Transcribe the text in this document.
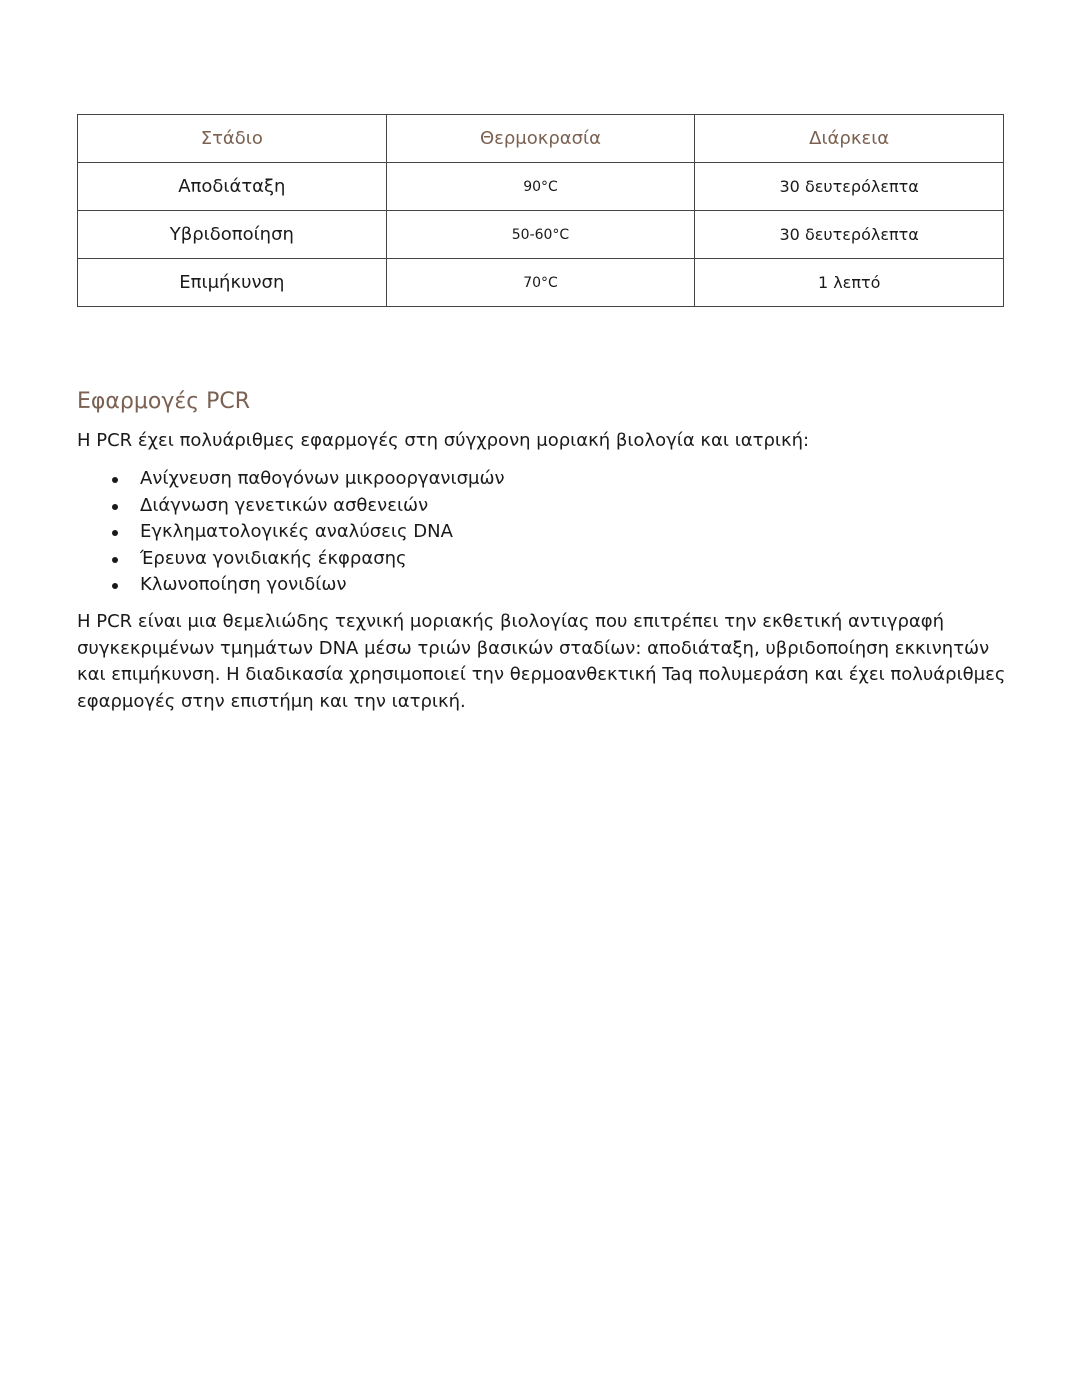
Στάδιο	Θερμοκρασία	Διάρκεια
Αποδιάταξη	90°C	30 δευτερόλεπτα
Υβριδοποίηση	50-60°C	30 δευτερόλεπτα
Επιμήκυνση	70°C	1 λεπτό
Εφαρμογές PCR

Η PCR έχει πολυάριθμες εφαρμογές στη σύγχρονη μοριακή βιολογία και ιατρική:

Ανίχνευση παθογόνων μικροοργανισμών
Διάγνωση γενετικών ασθενειών
Εγκληματολογικές αναλύσεις DNA
Έρευνα γονιδιακής έκφρασης
Κλωνοποίηση γονιδίων

Η PCR είναι μια θεμελιώδης τεχνική μοριακής βιολογίας που επιτρέπει την εκθετική αντιγραφή συγκεκριμένων τμημάτων DNA μέσω τριών βασικών σταδίων: αποδιάταξη, υβριδοποίηση εκκινητών και επιμήκυνση. Η διαδικασία χρησιμοποιεί την θερμοανθεκτική Taq πολυμεράση και έχει πολυάριθμες εφαρμογές στην επιστήμη και την ιατρική.
